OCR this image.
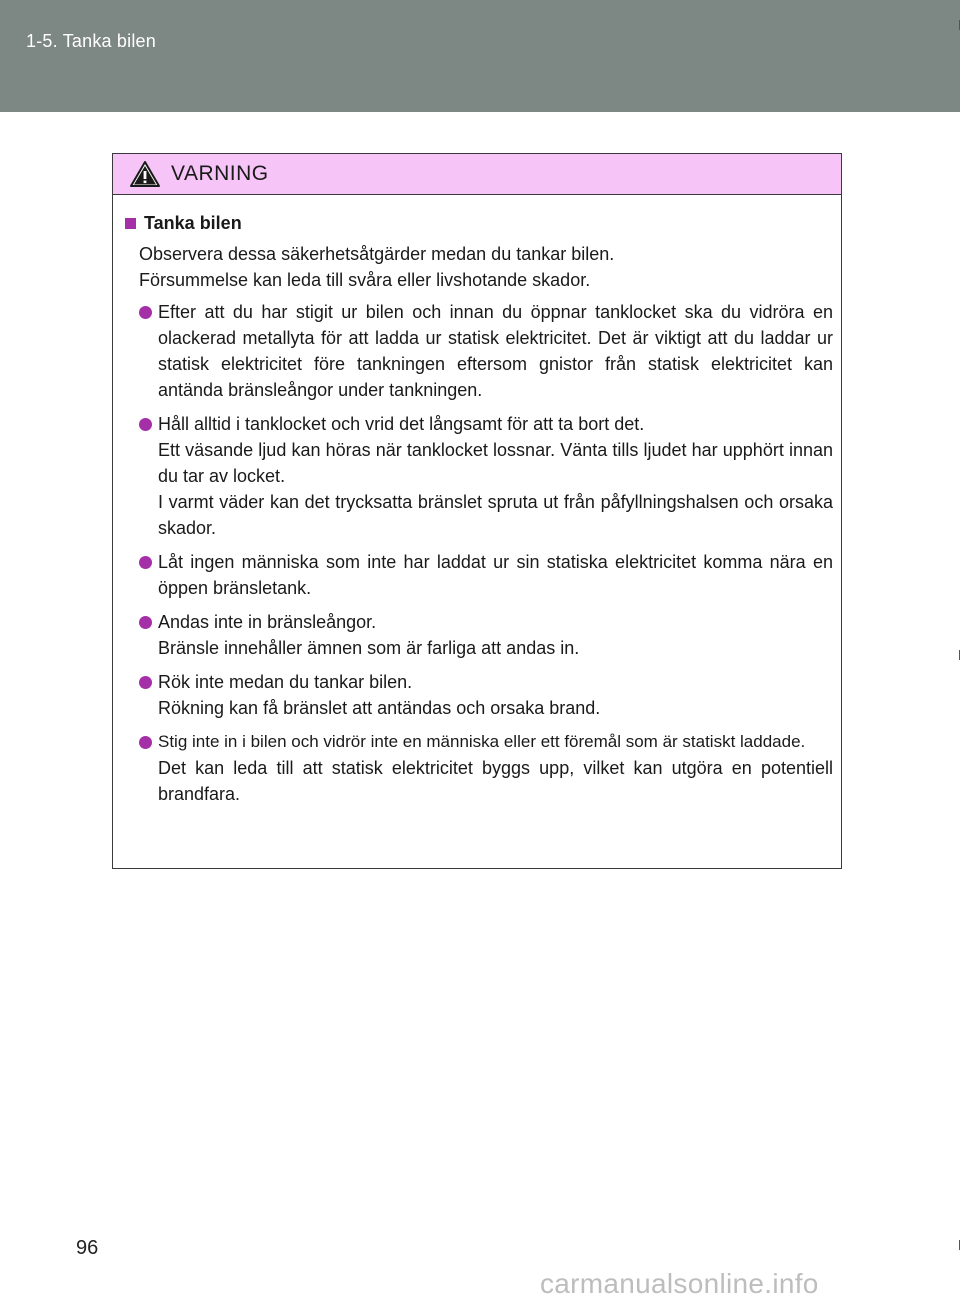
1-5. Tanka bilen
VARNING
Tanka bilen

Observera dessa säkerhetsåtgärder medan du tankar bilen.

Försummelse kan leda till svåra eller livshotande skador.

Efter att du har stigit ur bilen och innan du öppnar tanklocket ska du vidröra en olackerad metallyta för att ladda ur statisk elektricitet. Det är viktigt att du laddar ur statisk elektricitet före tankningen eftersom gnistor från statisk elektricitet kan antända bränsleångor under tankningen.

Håll alltid i tanklocket och vrid det långsamt för att ta bort det.

Ett väsande ljud kan höras när tanklocket lossnar. Vänta tills ljudet har upphört innan du tar av locket.

I varmt väder kan det trycksatta bränslet spruta ut från påfyllningshalsen och orsaka skador.

Låt ingen människa som inte har laddat ur sin statiska elektricitet komma nära en öppen bränsletank.

Andas inte in bränsleångor.

Bränsle innehåller ämnen som är farliga att andas in.

Rök inte medan du tankar bilen.

Rökning kan få bränslet att antändas och orsaka brand.

Stig inte in i bilen och vidrör inte en människa eller ett föremål som är statiskt laddade.

Det kan leda till att statisk elektricitet byggs upp, vilket kan utgöra en potentiell brandfara.

96
carmanualsonline.info
